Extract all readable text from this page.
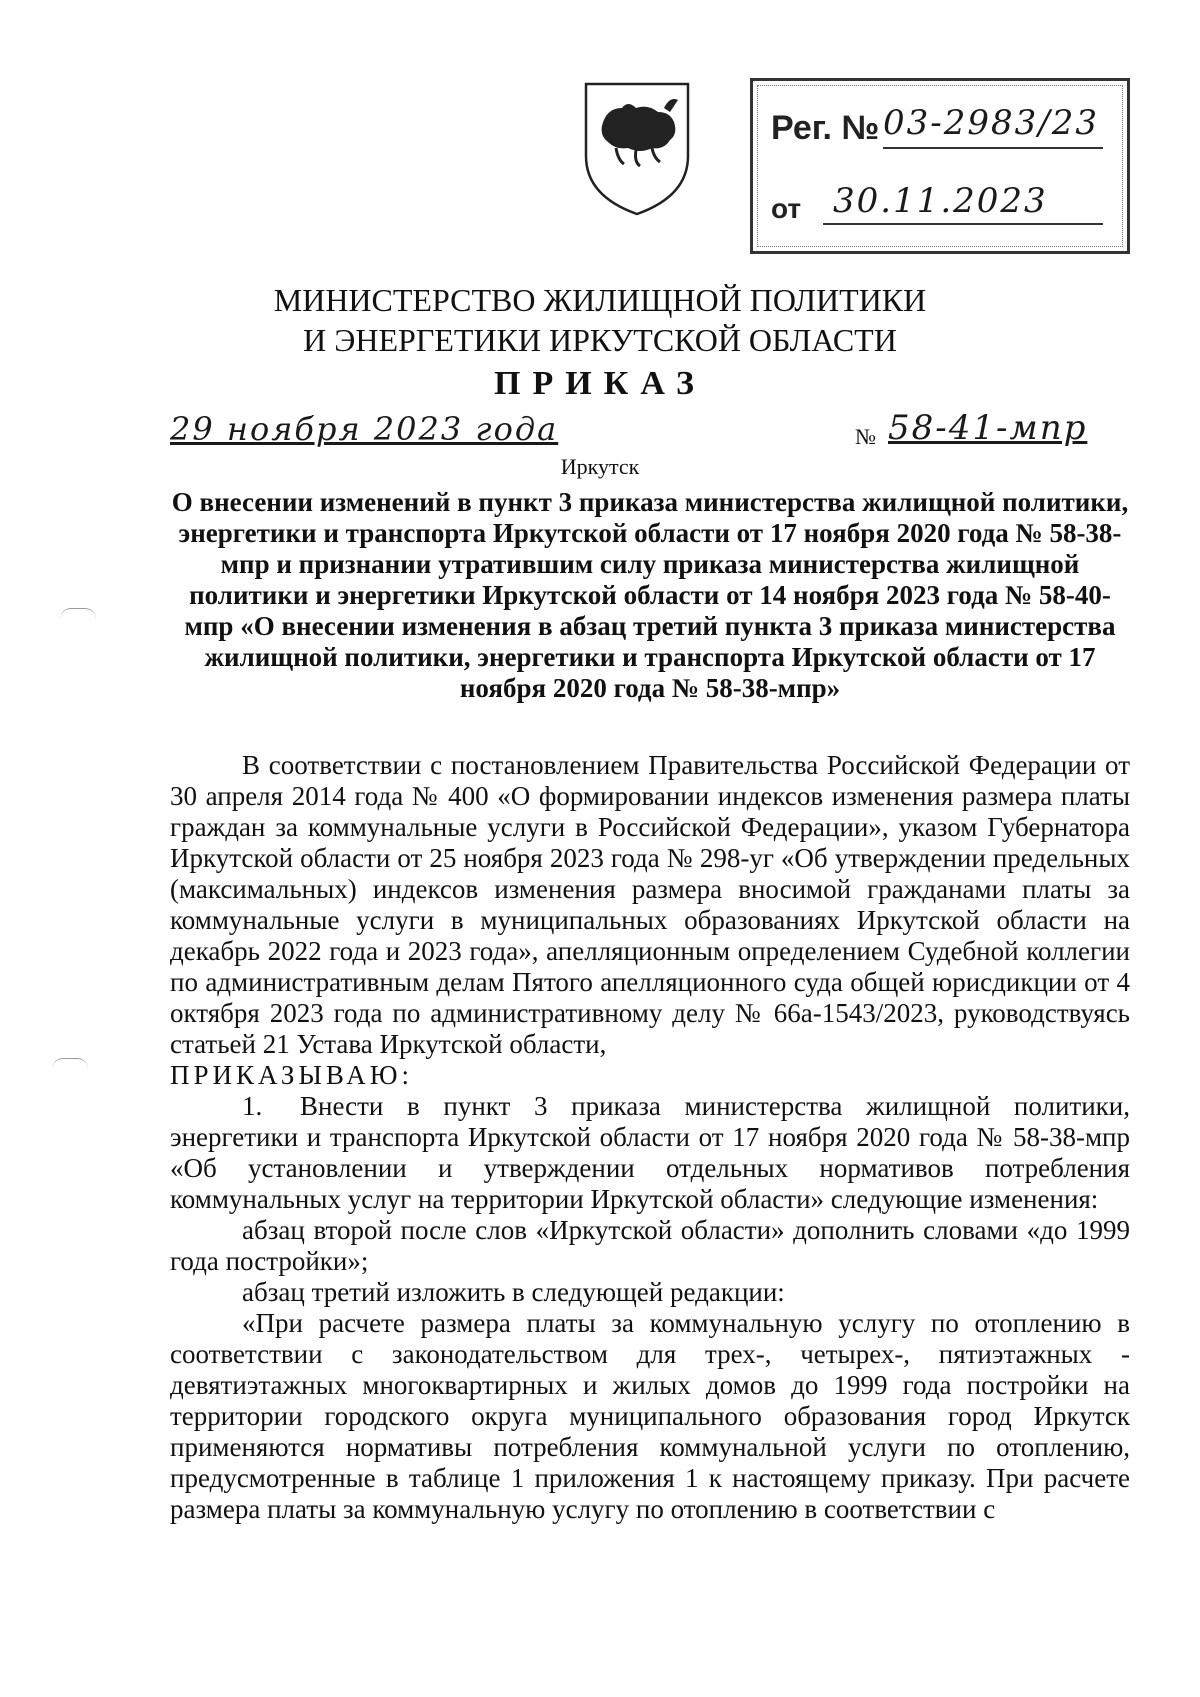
Рег. № 03-2983/23
от 30.11.2023
МИНИСТЕРСТВО ЖИЛИЩНОЙ ПОЛИТИКИ
И ЭНЕРГЕТИКИ ИРКУТСКОЙ ОБЛАСТИ
ПРИКАЗ
29 ноября 2023 года	№ 58-41-мпр
Иркутск
О внесении изменений в пункт 3 приказа министерства жилищной политики, энергетики и транспорта Иркутской области от 17 ноября 2020 года № 58-38-мпр и признании утратившим силу приказа министерства жилищной политики и энергетики Иркутской области от 14 ноября 2023 года № 58-40-мпр «О внесении изменения в абзац третий пункта 3 приказа министерства жилищной политики, энергетики и транспорта Иркутской области от 17 ноября 2020 года № 58-38-мпр»

В соответствии с постановлением Правительства Российской Федерации от 30 апреля 2014 года № 400 «О формировании индексов изменения размера платы граждан за коммунальные услуги в Российской Федерации», указом Губернатора Иркутской области от 25 ноября 2023 года № 298-уг «Об утверждении предельных (максимальных) индексов изменения размера вносимой гражданами платы за коммунальные услуги в муниципальных образованиях Иркутской области на декабрь 2022 года и 2023 года», апелляционным определением Судебной коллегии по административным делам Пятого апелляционного суда общей юрисдикции от 4 октября 2023 года по административному делу № 66а-1543/2023, руководствуясь статьей 21 Устава Иркутской области,

ПРИКАЗЫВАЮ:

1. Внести в пункт 3 приказа министерства жилищной политики, энергетики и транспорта Иркутской области от 17 ноября 2020 года № 58-38-мпр «Об установлении и утверждении отдельных нормативов потребления коммунальных услуг на территории Иркутской области» следующие изменения:

абзац второй после слов «Иркутской области» дополнить словами «до 1999 года постройки»;

абзац третий изложить в следующей редакции:

«При расчете размера платы за коммунальную услугу по отоплению в соответствии с законодательством для трех-, четырех-, пятиэтажных - девятиэтажных многоквартирных и жилых домов до 1999 года постройки на территории городского округа муниципального образования город Иркутск применяются нормативы потребления коммунальной услуги по отоплению, предусмотренные в таблице 1 приложения 1 к настоящему приказу. При расчете размера платы за коммунальную услугу по отоплению в соответствии с
